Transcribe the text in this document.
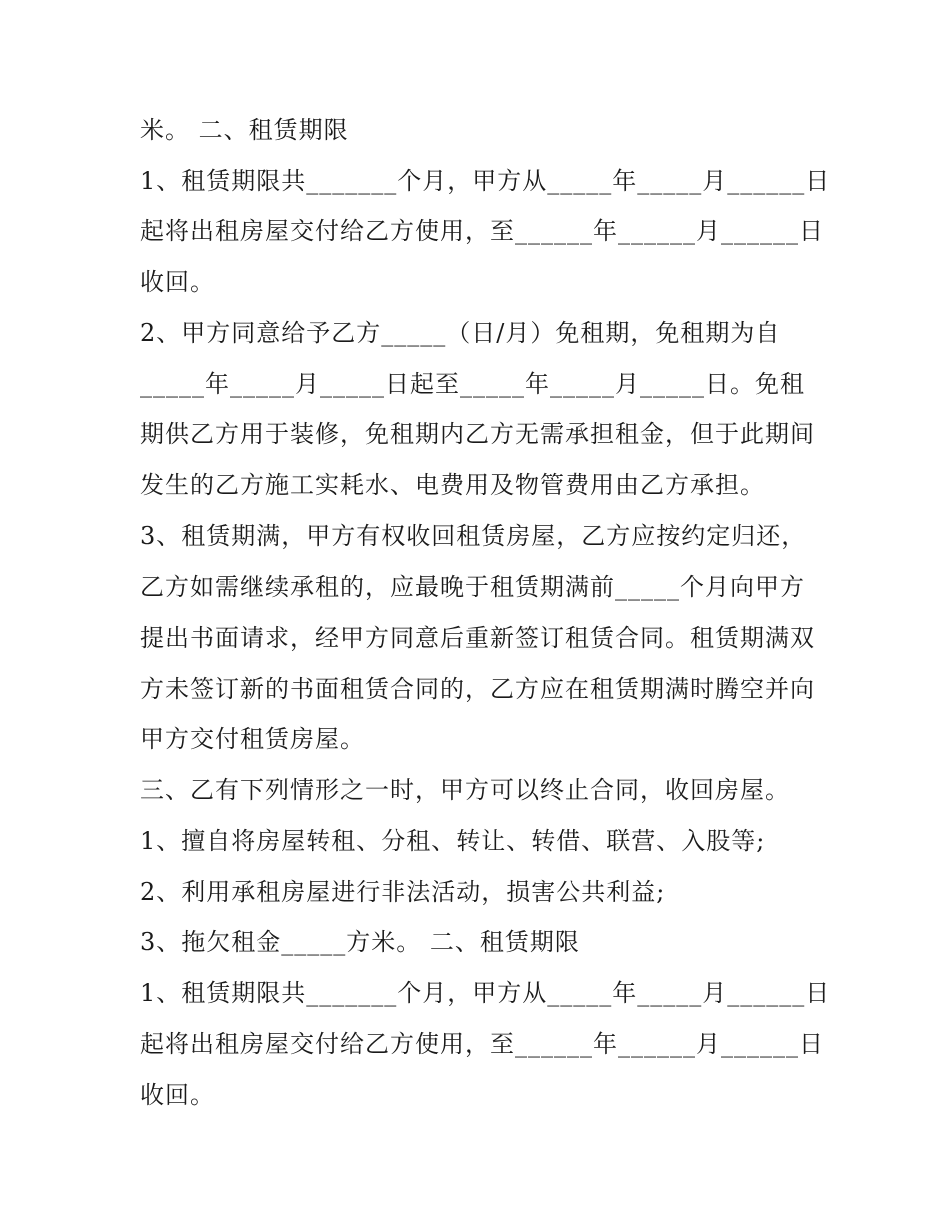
米。 二、租赁期限
1、租赁期限共_______个月，甲方从_____年_____月______日
起将出租房屋交付给乙方使用，至______年______月______日
收回。
2、甲方同意给予乙方_____（日/月）免租期，免租期为自
_____年_____月_____日起至_____年_____月_____日。免租
期供乙方用于装修，免租期内乙方无需承担租金，但于此期间
发生的乙方施工实耗水、电费用及物管费用由乙方承担。
3、租赁期满，甲方有权收回租赁房屋，乙方应按约定归还，
乙方如需继续承租的，应最晚于租赁期满前_____个月向甲方
提出书面请求，经甲方同意后重新签订租赁合同。租赁期满双
方未签订新的书面租赁合同的，乙方应在租赁期满时腾空并向
甲方交付租赁房屋。
三、乙有下列情形之一时，甲方可以终止合同，收回房屋。
1、擅自将房屋转租、分租、转让、转借、联营、入股等;
2、利用承租房屋进行非法活动，损害公共利益;
3、拖欠租金_____方米。 二、租赁期限
1、租赁期限共_______个月，甲方从_____年_____月______日
起将出租房屋交付给乙方使用，至______年______月______日
收回。
